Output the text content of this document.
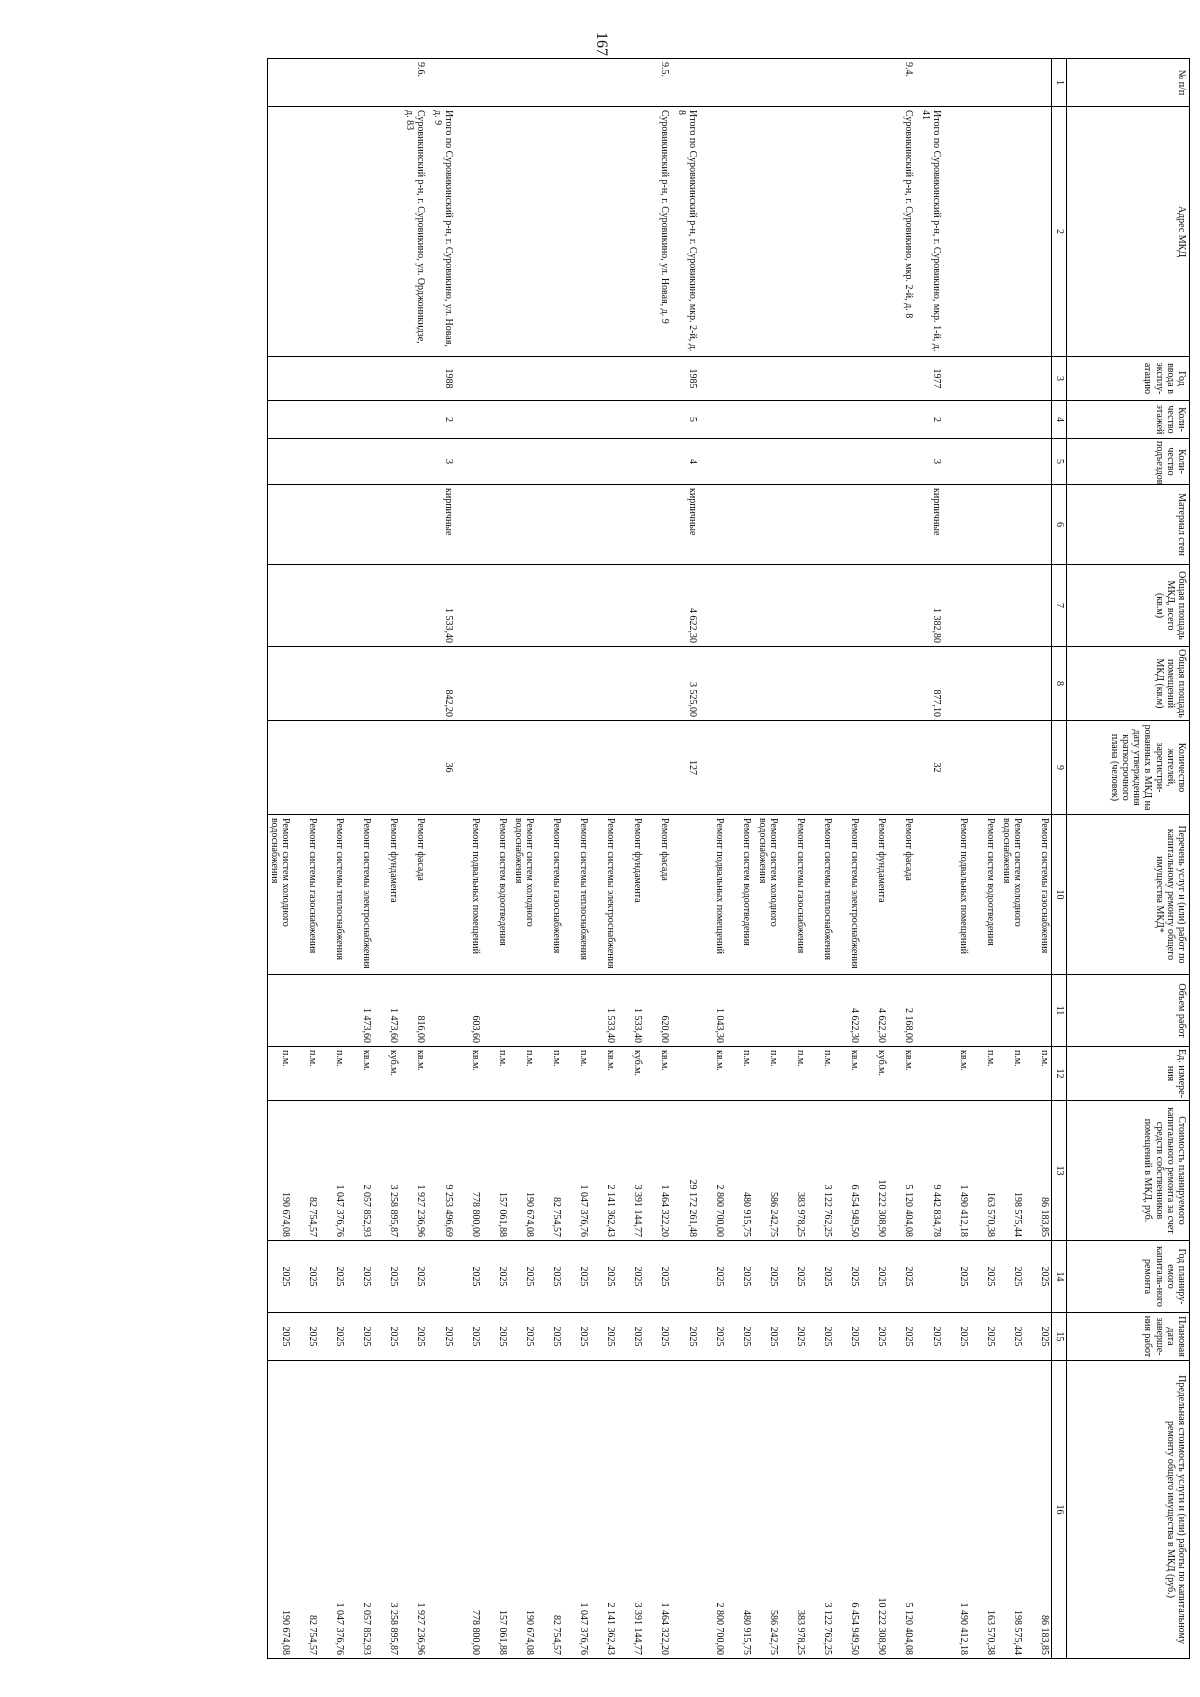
167
№ п/п	Адрес МКД	Год ввода в эксплу-атацию	Коли-чество этажей	Коли-чество подъездов	Материал стен	Общая площадь МКД, всего (кв.м)	Общая площадь помещений МКД (кв.м)	Количество жителей, зарегистри-рованных в МКД на дату утверждения краткосрочного плана (человек)	Перечень услуг и (или) работ по капитальному ремонту общего имущества МКД*	Объем работ	Ед. измере-ния	Стоимость планируемого капитального ремонта за счет средств собственников помещений в МКД, руб.	Год планиру-емого капиталь-ного ремонта	Плановая дата заверше-ния работ	Предельная стоимость услуги и (или) работы по капитальному ремонту общего имущества в МКД (руб.)
1	2	3	4	5	6	7	8	9	10	11	12	13	14	15	16
									Ремонт системы газоснабжения		п.м.	86 183,85	2025	2025	86 183,85
									Ремонт систем холодного водоснабжения		п.м.	198 575,44	2025	2025	198 575,44
									Ремонт систем водоотведения		п.м.	163 570,38	2025	2025	163 570,38
									Ремонт подвальных помещений		кв.м.	1 490 412,18	2025	2025	1 490 412,18
	Итого по Суровикинский р-н, г. Суровикино, мкр. 1-й, д. 41	1977	2	3	кирпичные	1 382,80	877,10	32				9 442 834,78		2025	
9.4.	Суровикинский р-н, г. Суровикино, мкр. 2-й, д. 8								Ремонт фасада	2 168,00	кв.м.	5 120 404,08	2025	2025	5 120 404,08
									Ремонт фундамента	4 622,30	куб.м.	10 222 308,90	2025	2025	10 222 308,90
									Ремонт системы электроснабжения	4 622,30	кв.м.	6 454 949,50	2025	2025	6 454 949,50
									Ремонт системы теплоснабжения		п.м.	3 122 762,25	2025	2025	3 122 762,25
									Ремонт системы газоснабжения		п.м.	383 978,25	2025	2025	383 978,25
									Ремонт систем холодного водоснабжения		п.м.	586 242,75	2025	2025	586 242,75
									Ремонт систем водоотведения		п.м.	480 915,75	2025	2025	480 915,75
									Ремонт подвальных помещений	1 043,30	кв.м.	2 800 700,00	2025	2025	2 800 700,00
	Итого по Суровикинский р-н, г. Суровикино, мкр. 2-й, д. 8	1985	5	4	кирпичные	4 622,30	3 525,00	127				29 172 261,48		2025	
9.5.	Суровикинский р-н, г. Суровикино, ул. Новая, д. 9								Ремонт фасада	620,00	кв.м.	1 464 322,20	2025	2025	1 464 322,20
									Ремонт фундамента	1 533,40	куб.м.	3 391 144,77	2025	2025	3 391 144,77
									Ремонт системы электроснабжения	1 533,40	кв.м.	2 141 362,43	2025	2025	2 141 362,43
									Ремонт системы теплоснабжения		п.м.	1 047 376,76	2025	2025	1 047 376,76
									Ремонт системы газоснабжения		п.м.	82 754,57	2025	2025	82 754,57
									Ремонт систем холодного водоснабжения		п.м.	190 674,08	2025	2025	190 674,08
									Ремонт систем водоотведения		п.м.	157 061,88	2025	2025	157 061,88
									Ремонт подвальных помещений	603,60	кв.м.	778 800,00	2025	2025	778 800,00
	Итого по Суровикинский р-н, г. Суровикино, ул. Новая, д. 9	1988	2	3	кирпичные	1 533,40	842,20	36				9 253 496,69		2025	
9.6.	Суровикинский р-н, г. Суровикино, ул. Орджоникидзе, д. 83								Ремонт фасада	816,00	кв.м.	1 927 236,96	2025	2025	1 927 236,96
									Ремонт фундамента	1 473,60	куб.м.	3 258 895,87	2025	2025	3 258 895,87
									Ремонт системы электроснабжения	1 473,60	кв.м.	2 057 852,93	2025	2025	2 057 852,93
									Ремонт системы теплоснабжения		п.м.	1 047 376,76	2025	2025	1 047 376,76
									Ремонт системы газоснабжения		п.м.	82 754,57	2025	2025	82 754,57
									Ремонт систем холодного водоснабжения		п.м.	190 674,08	2025	2025	190 674,08
